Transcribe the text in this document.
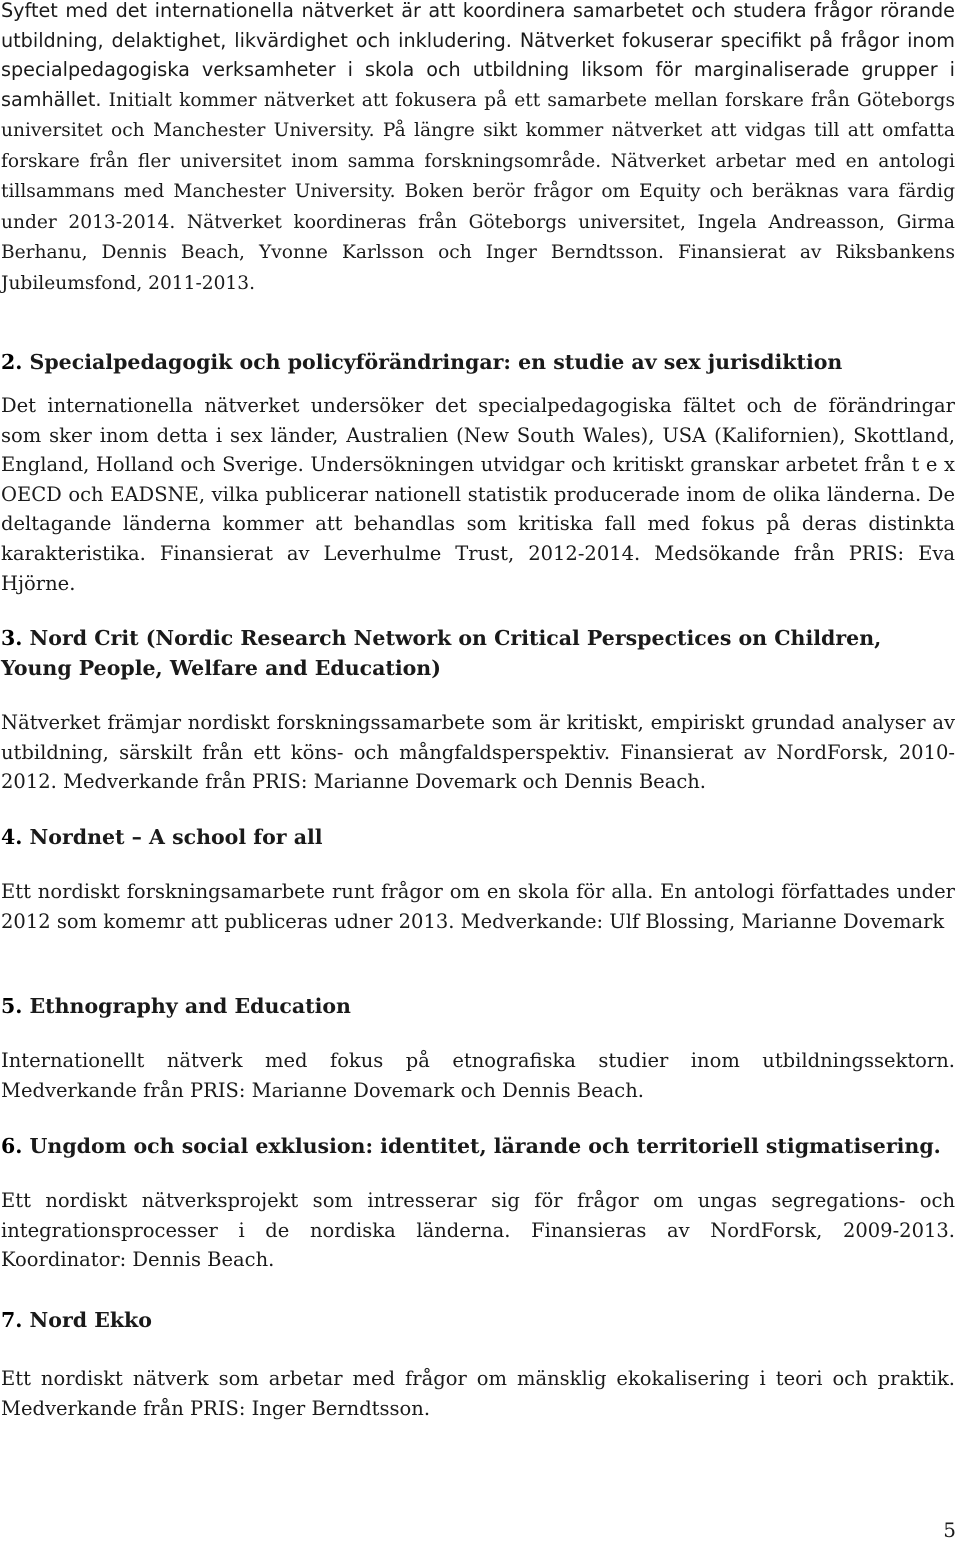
Syftet med det internationella nätverket är att koordinera samarbetet och studera frågor rörande utbildning, delaktighet, likvärdighet och inkludering. Nätverket fokuserar specifikt på frågor inom specialpedagogiska verksamheter i skola och utbildning liksom för marginaliserade grupper i samhället. Initialt kommer nätverket att fokusera på ett samarbete mellan forskare från Göteborgs universitet och Manchester University. På längre sikt kommer nätverket att vidgas till att omfatta forskare från fler universitet inom samma forskningsområde. Nätverket arbetar med en antologi tillsammans med Manchester University. Boken berör frågor om Equity och beräknas vara färdig under 2013-2014. Nätverket koordineras från Göteborgs universitet, Ingela Andreasson, Girma Berhanu, Dennis Beach, Yvonne Karlsson och Inger Berndtsson. Finansierat av Riksbankens Jubileumsfond, 2011-2013.

2. Specialpedagogik och policyförändringar: en studie av sex jurisdiktion

Det internationella nätverket undersöker det specialpedagogiska fältet och de förändringar som sker inom detta i sex länder, Australien (New South Wales), USA (Kalifornien), Skottland, England, Holland och Sverige. Undersökningen utvidgar och kritiskt granskar arbetet från t e x OECD och EADSNE, vilka publicerar nationell statistik producerade inom de olika länderna. De deltagande länderna kommer att behandlas som kritiska fall med fokus på deras distinkta karakteristika. Finansierat av Leverhulme Trust, 2012-2014. Medsökande från PRIS: Eva Hjörne.

3. Nord Crit (Nordic Research Network on Critical Perspectices on Children, Young People, Welfare and Education)

Nätverket främjar nordiskt forskningssamarbete som är kritiskt, empiriskt grundad analyser av utbildning, särskilt från ett köns- och mångfaldsperspektiv. Finansierat av NordForsk, 2010-2012. Medverkande från PRIS: Marianne Dovemark och Dennis Beach.

4. Nordnet – A school for all

Ett nordiskt forskningsamarbete runt frågor om en skola för alla. En antologi författades under 2012 som komemr att publiceras udner 2013. Medverkande: Ulf Blossing, Marianne Dovemark

5. Ethnography and Education

Internationellt nätverk med fokus på etnografiska studier inom utbildningssektorn. Medverkande från PRIS: Marianne Dovemark och Dennis Beach.

6. Ungdom och social exklusion: identitet, lärande och territoriell stigmatisering.

Ett nordiskt nätverksprojekt som intresserar sig för frågor om ungas segregations- och integrationsprocesser i de nordiska länderna. Finansieras av NordForsk, 2009-2013. Koordinator: Dennis Beach.

7. Nord Ekko

Ett nordiskt nätverk som arbetar med frågor om mänsklig ekokalisering i teori och praktik. Medverkande från PRIS: Inger Berndtsson.

5
